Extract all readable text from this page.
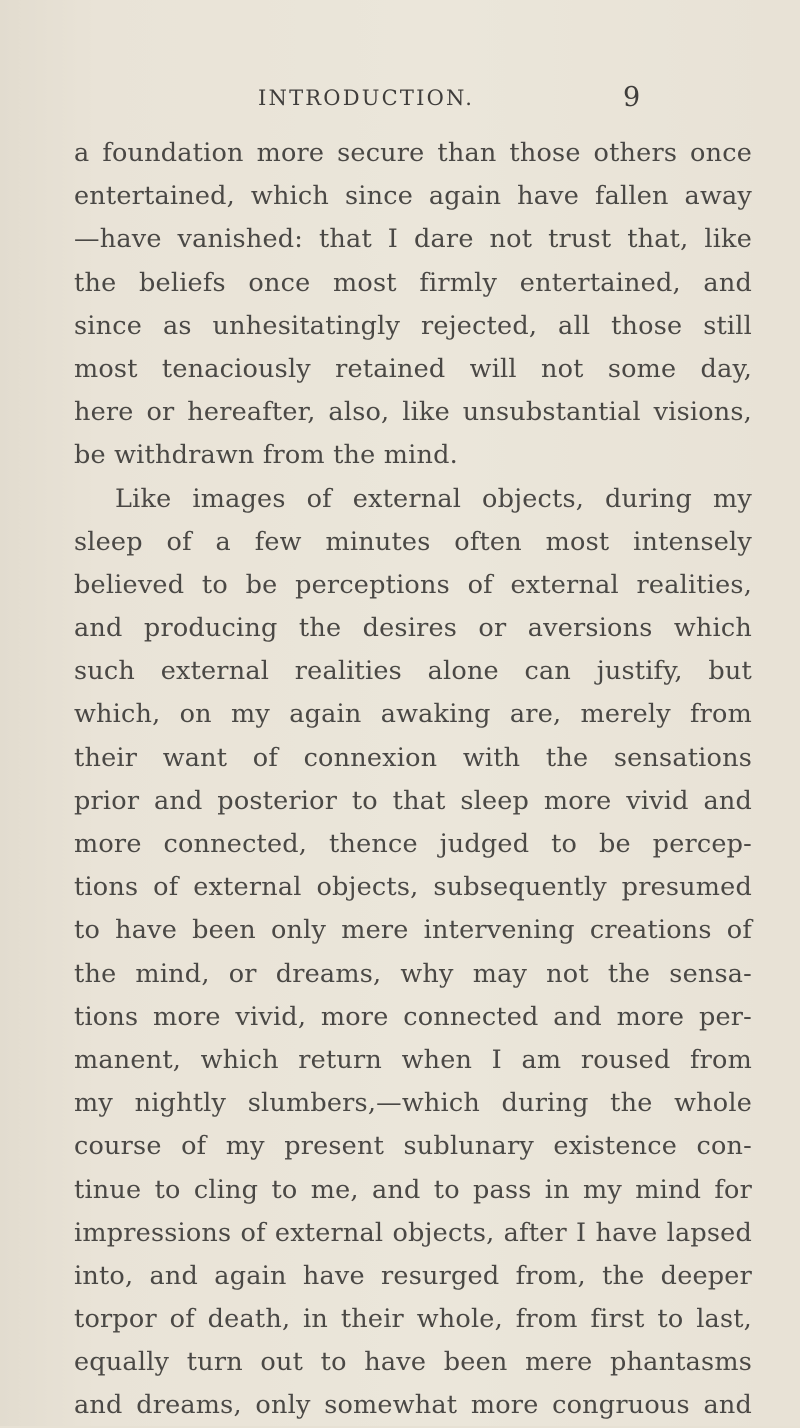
INTRODUCTION.	9
a foundation more secure than those others once
entertained, which since again have fallen away
—have vanished: that I dare not trust that, like
the beliefs once most firmly entertained, and
since as unhesitatingly rejected, all those still
most tenaciously retained will not some day,
here or hereafter, also, like unsubstantial visions,
be withdrawn from the mind.
Like images of external objects, during my
sleep of a few minutes often most intensely
believed to be perceptions of external realities,
and producing the desires or aversions which
such external realities alone can justify, but
which, on my again awaking are, merely from
their want of connexion with the sensations
prior and posterior to that sleep more vivid and
more connected, thence judged to be percep-
tions of external objects, subsequently presumed
to have been only mere intervening creations of
the mind, or dreams, why may not the sensa-
tions more vivid, more connected and more per-
manent, which return when I am roused from
my nightly slumbers,—which during the whole
course of my present sublunary existence con-
tinue to cling to me, and to pass in my mind for
impressions of external objects, after I have lapsed
into, and again have resurged from, the deeper
torpor of death, in their whole, from first to last,
equally turn out to have been mere phantasms
and dreams, only somewhat more congruous and
